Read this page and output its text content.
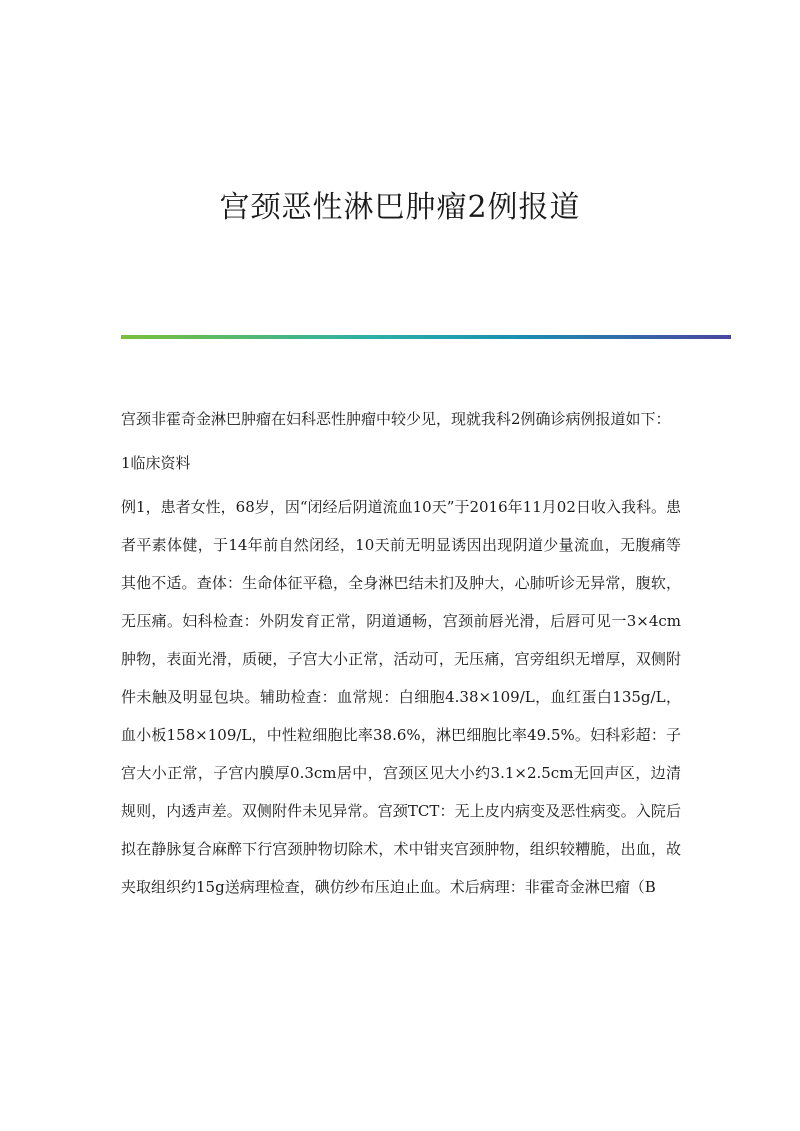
宫颈恶性淋巴肿瘤2例报道

宫颈非霍奇金淋巴肿瘤在妇科恶性肿瘤中较少见，现就我科2例确诊病例报道如下：

1临床资料

例1，患者女性，68岁，因“闭经后阴道流血10天”于2016年11月02日收入我科。患者平素体健，于14年前自然闭经，10天前无明显诱因出现阴道少量流血，无腹痛等其他不适。查体：生命体征平稳，全身淋巴结未扪及肿大，心肺听诊无异常，腹软，无压痛。妇科检查：外阴发育正常，阴道通畅，宫颈前唇光滑，后唇可见一3×4cm肿物，表面光滑，质硬，子宫大小正常，活动可，无压痛，宫旁组织无增厚，双侧附件未触及明显包块。辅助检查：血常规：白细胞4.38×109/L，血红蛋白135g/L，血小板158×109/L，中性粒细胞比率38.6%，淋巴细胞比率49.5%。妇科彩超：子宫大小正常，子宫内膜厚0.3cm居中，宫颈区见大小约3.1×2.5cm无回声区，边清规则，内透声差。双侧附件未见异常。宫颈TCT：无上皮内病变及恶性病变。入院后拟在静脉复合麻醉下行宫颈肿物切除术，术中钳夹宫颈肿物，组织较糟脆，出血，故夹取组织约15g送病理检查，碘仿纱布压迫止血。术后病理：非霍奇金淋巴瘤（B
